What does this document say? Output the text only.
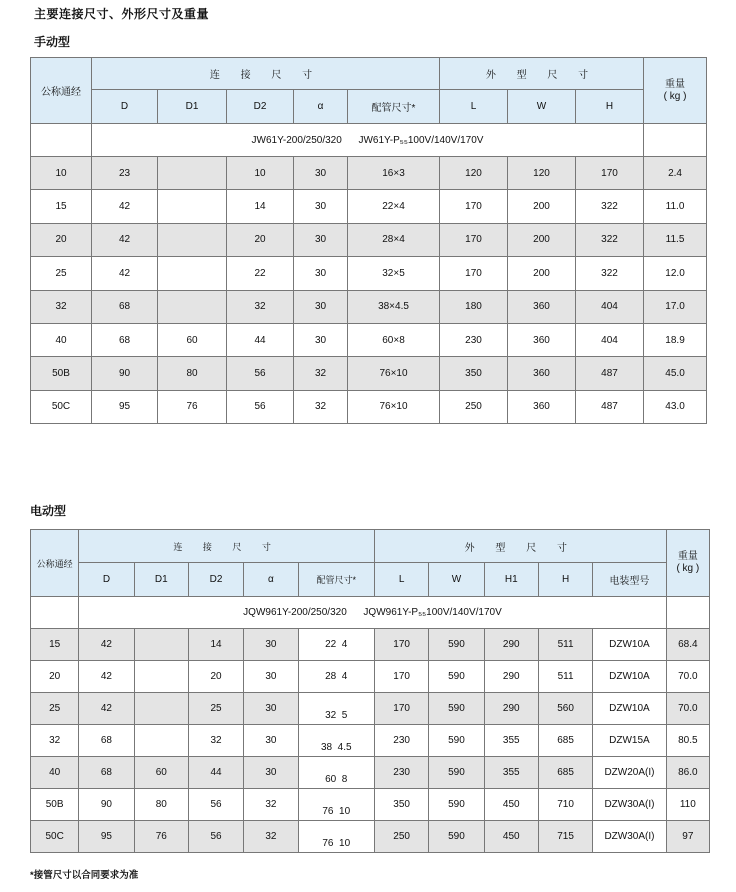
主要连接尺寸、外形尺寸及重量
手动型
公称通经	连 接 尺 寸					外 型 尺 寸			重量
( kg )

	D	D1	D2	α	配管尺寸*	L	W	H	
	JW61Y-200/250/320      JW61Y-P₅₅100V/140V/170V								
10	23		10	30	16×3	120	120	170	2.4
15	42		14	30	22×4	170	200	322	11.0
20	42		20	30	28×4	170	200	322	11.5
25	42		22	30	32×5	170	200	322	12.0
32	68		32	30	38×4.5	180	360	404	17.0
40	68	60	44	30	60×8	230	360	404	18.9
50B	90	80	56	32	76×10	350	360	487	45.0
50C	95	76	56	32	76×10	250	360	487	43.0
电动型
公称通经	连 接 尺 寸					外 型 尺 寸					重量
( kg )

	D	D1	D2	α	配管尺寸*	L	W	H1	H	电装型号	
	JQW961Y-200/250/320      JQW961Y-P₅₅100V/140V/170V										
15	42		14	30	22  4	170	590	290	511	DZW10A	68.4
20	42		20	30	28  4	170	590	290	511	DZW10A	70.0
25	42		25	30	32  5	170	590	290	560	DZW10A	70.0
32	68		32	30	38  4.5	230	590	355	685	DZW15A	80.5
40	68	60	44	30	60  8	230	590	355	685	DZW20A(I)	86.0
50B	90	80	56	32	76  10	350	590	450	710	DZW30A(I)	110
50C	95	76	56	32	76  10	250	590	450	715	DZW30A(I)	97
*接管尺寸以合同要求为准
